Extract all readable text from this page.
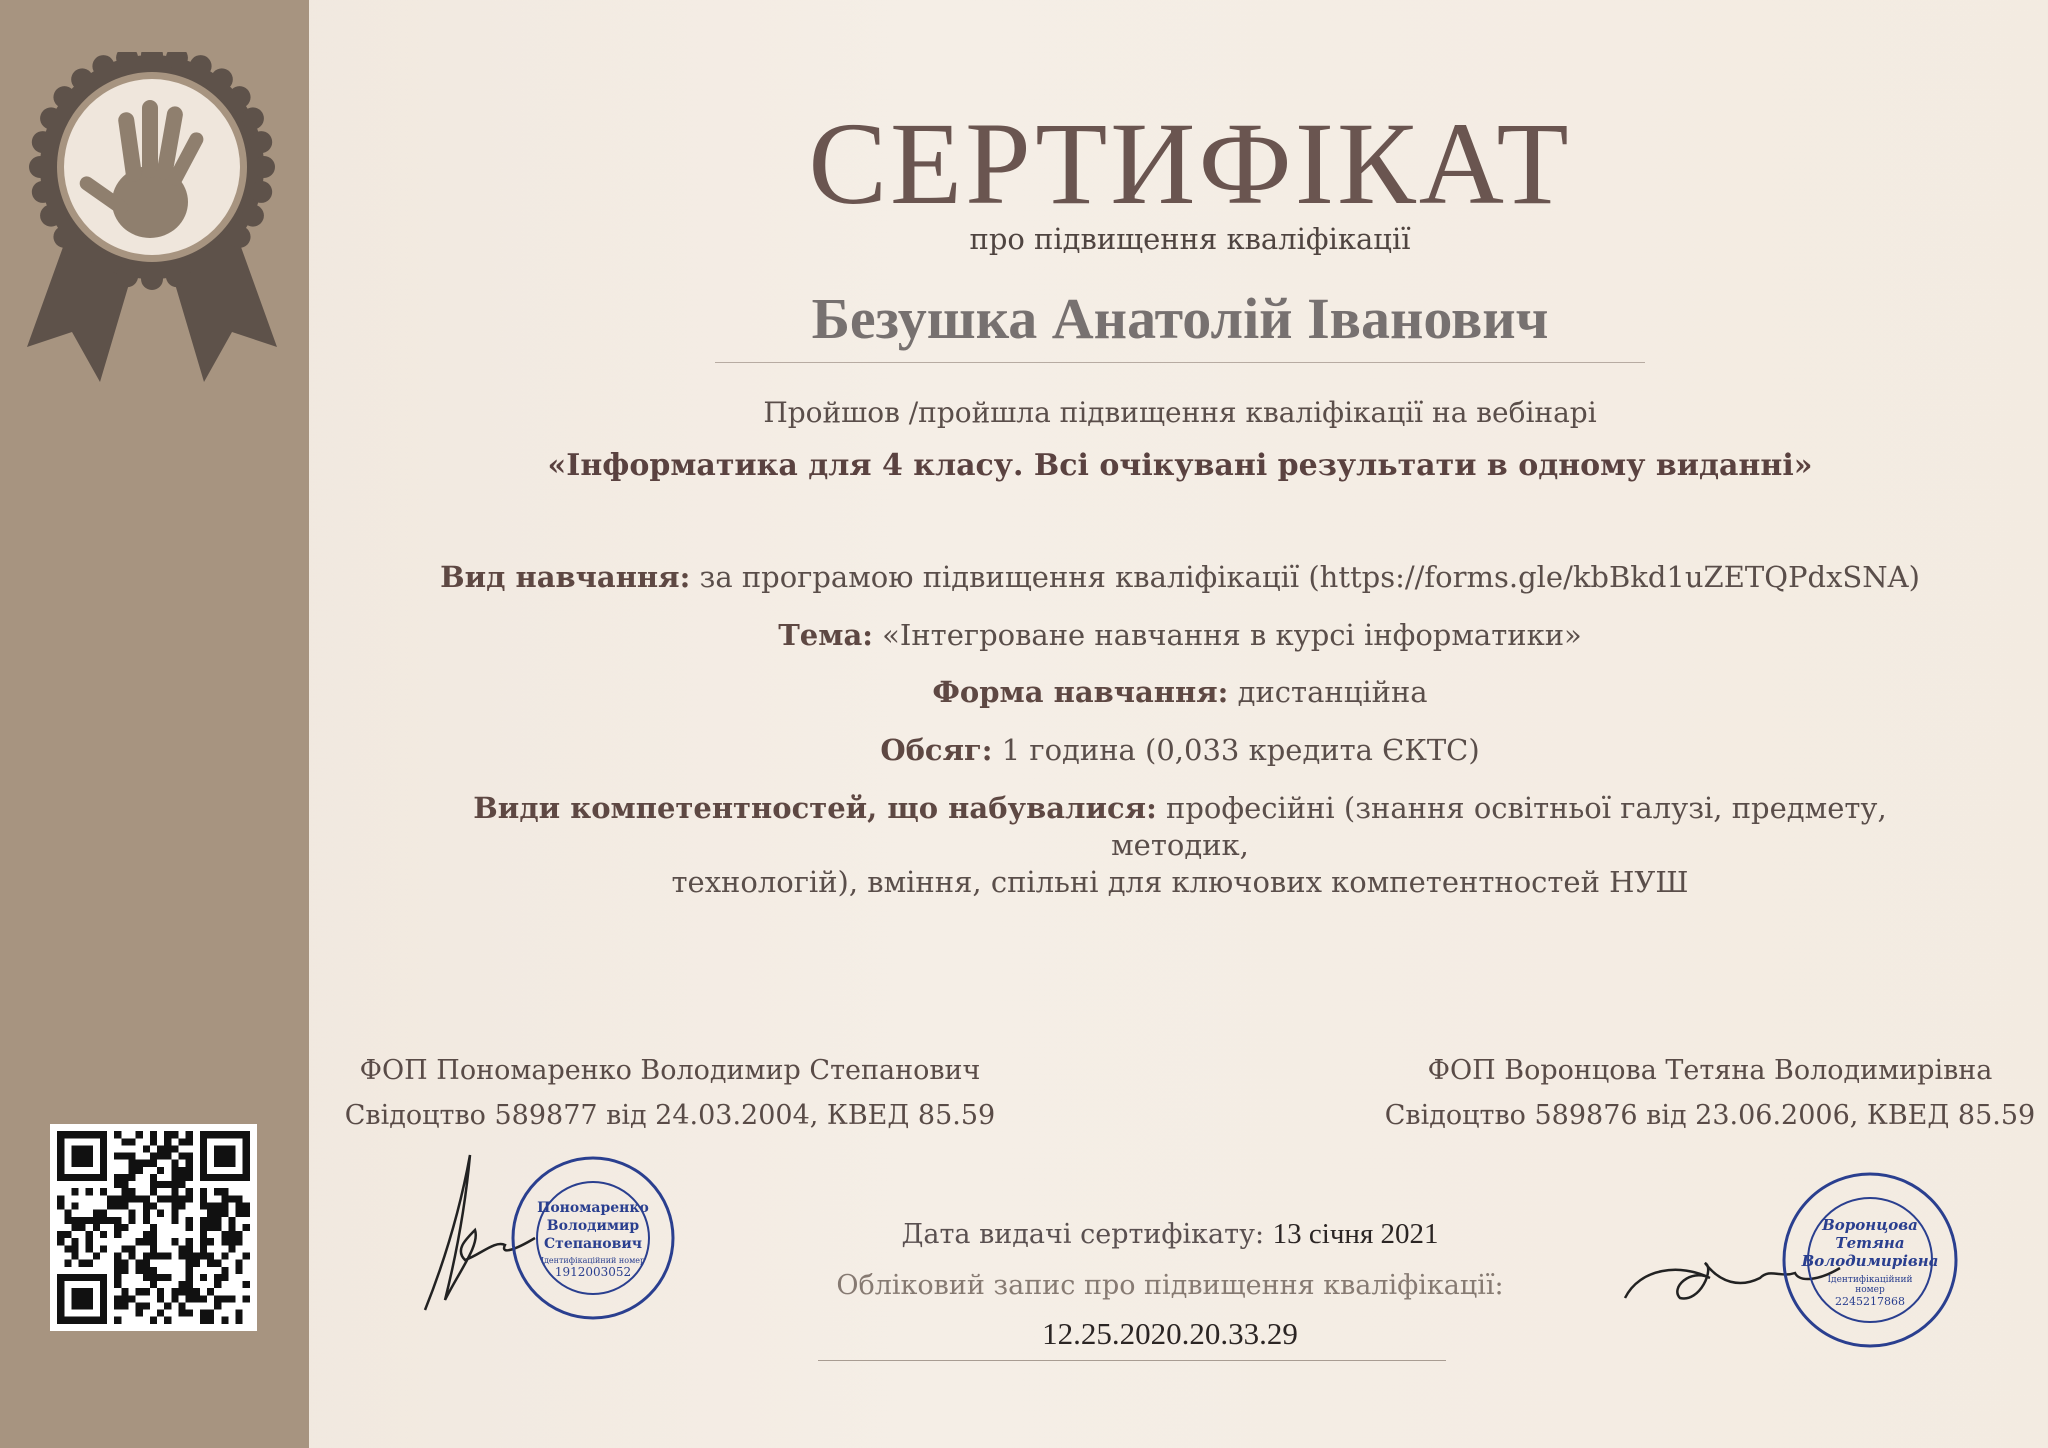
СЕРТИФІКАТ
про підвищення кваліфікації
Безушка Анатолій Іванович
Пройшов /пройшла підвищення кваліфікації на вебінарі
«Інформатика для 4 класу. Всі очікувані результати в одному виданні»
Вид навчання: за програмою підвищення кваліфікації (https://forms.gle/kbBkd1uZETQPdxSNA)
Тема: «Інтегроване навчання в курсі інформатики»
Форма навчання: дистанційна
Обсяг: 1 година (0,033 кредита ЄКТС)
Види компетентностей, що набувалися: професійні (знання освітньої галузі, предмету, методик,
технологій), вміння, спільні для ключових компетентностей НУШ
ФОП Пономаренко Володимир Степанович
Свідоцтво 589877 від 24.03.2004, КВЕД 85.59
ФОП Воронцова Тетяна Володимирівна
Свідоцтво 589876 від 23.06.2006, КВЕД 85.59
Пономаренко
Володимир
Степанович
Ідентифікаційний номер
1912003052
Воронцова
Тетяна
Володимирівна
Ідентифікаційний
номер
2245217868
Дата видачі сертифікату: 13 січня 2021
Обліковий запис про підвищення кваліфікації:
12.25.2020.20.33.29
